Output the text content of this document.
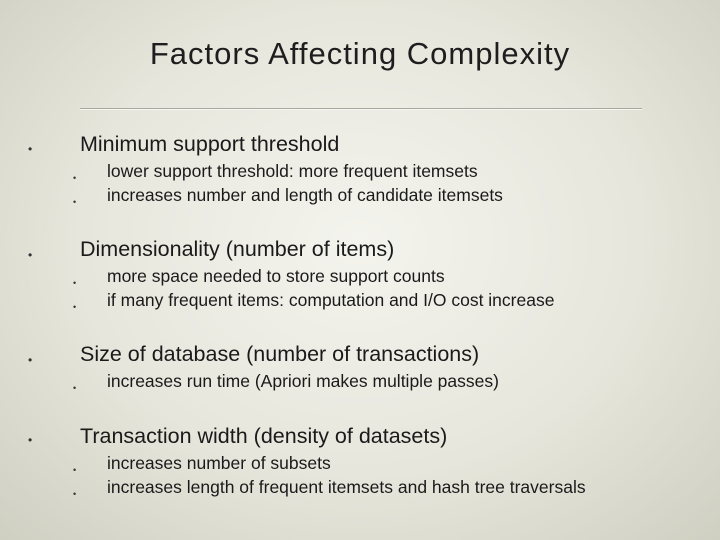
Factors Affecting Complexity
• Minimum support threshold
• lower support threshold: more frequent itemsets
• increases number and length of candidate itemsets
• Dimensionality (number of items)
• more space needed to store support counts
• if many frequent items: computation and I/O cost increase
• Size of database (number of transactions)
• increases run time (Apriori makes multiple passes)
• Transaction width (density of datasets)
• increases number of subsets
• increases length of frequent itemsets and hash tree traversals
